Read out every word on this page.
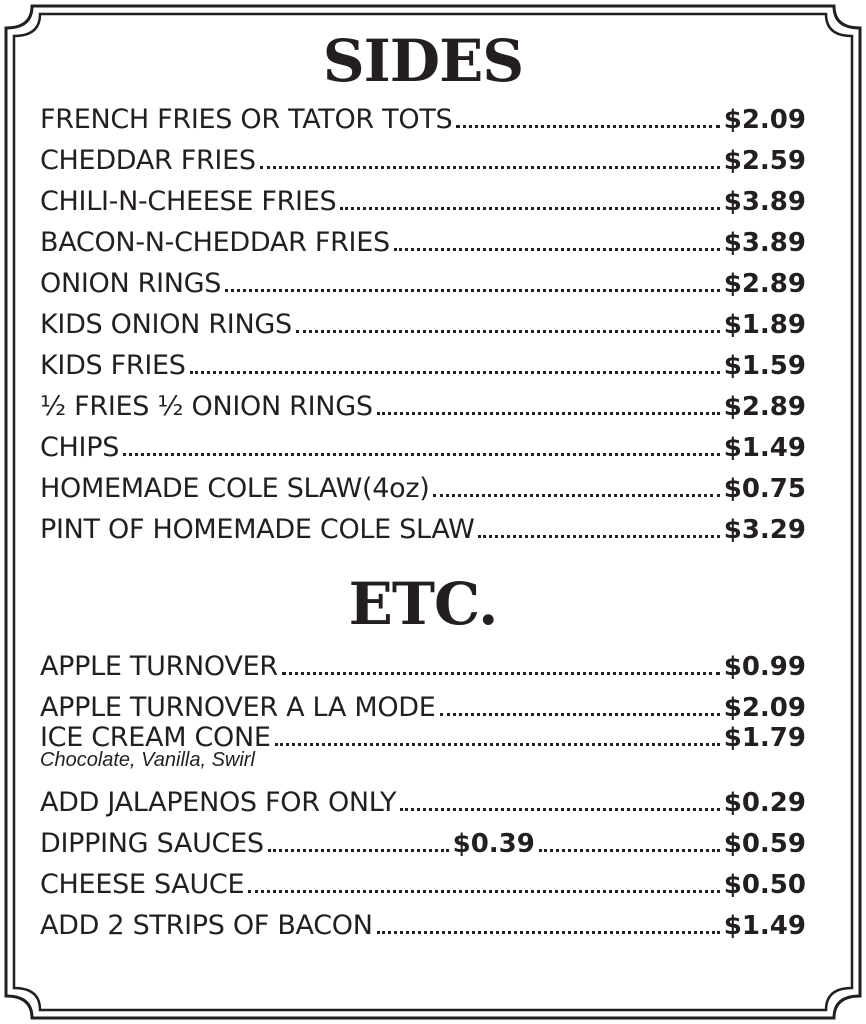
SIDES
FRENCH FRIES OR TATOR TOTS	$2.09
CHEDDAR FRIES	$2.59
CHILI-N-CHEESE FRIES	$3.89
BACON-N-CHEDDAR FRIES	$3.89
ONION RINGS	$2.89
KIDS ONION RINGS	$1.89
KIDS FRIES	$1.59
½ FRIES ½ ONION RINGS	$2.89
CHIPS	$1.49
HOMEMADE COLE SLAW(4oz)	$0.75
PINT OF HOMEMADE COLE SLAW	$3.29
ETC.
APPLE TURNOVER	$0.99
APPLE TURNOVER A LA MODE	$2.09
ICE CREAM CONE	$1.79
Chocolate, Vanilla, Swirl
ADD JALAPENOS FOR ONLY	$0.29
DIPPING SAUCES	$0.39	$0.59
CHEESE SAUCE	$0.50
ADD 2 STRIPS OF BACON	$1.49
